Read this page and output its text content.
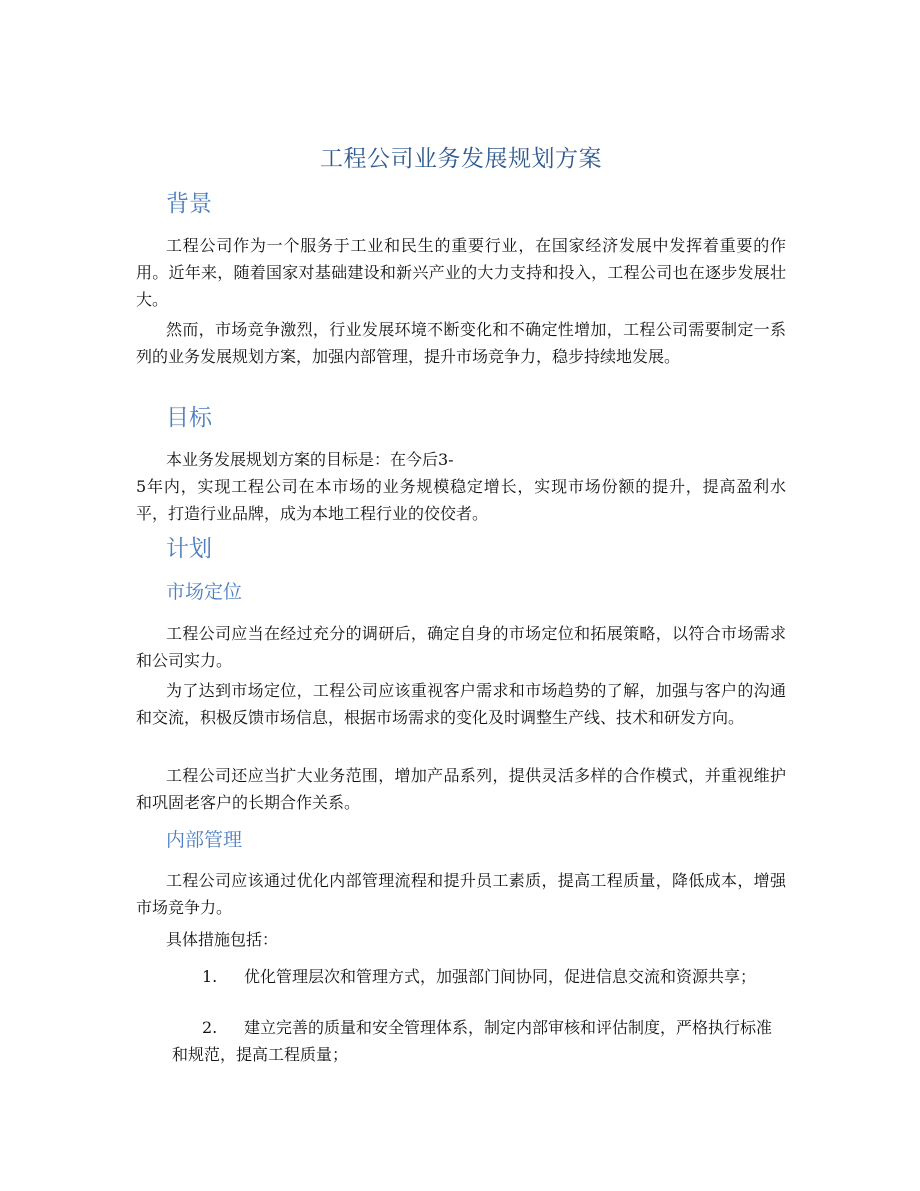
工程公司业务发展规划方案
背景

工程公司作为一个服务于工业和民生的重要行业，在国家经济发展中发挥着重要的作用。近年来，随着国家对基础建设和新兴产业的大力支持和投入，工程公司也在逐步发展壮大。

然而，市场竞争激烈，行业发展环境不断变化和不确定性增加，工程公司需要制定一系列的业务发展规划方案，加强内部管理，提升市场竞争力，稳步持续地发展。

目标
本业务发展规划方案的目标是：在今后3-
5年内，实现工程公司在本市场的业务规模稳定增长，实现市场份额的提升，提高盈利水平，打造行业品牌，成为本地工程行业的佼佼者。
计划
市场定位

工程公司应当在经过充分的调研后，确定自身的市场定位和拓展策略，以符合市场需求和公司实力。

为了达到市场定位，工程公司应该重视客户需求和市场趋势的了解，加强与客户的沟通和交流，积极反馈市场信息，根据市场需求的变化及时调整生产线、技术和研发方向。

工程公司还应当扩大业务范围，增加产品系列，提供灵活多样的合作模式，并重视维护和巩固老客户的长期合作关系。

内部管理

工程公司应该通过优化内部管理流程和提升员工素质，提高工程质量，降低成本，增强市场竞争力。

具体措施包括：

1. 优化管理层次和管理方式，加强部门间协同，促进信息交流和资源共享；
2. 建立完善的质量和安全管理体系，制定内部审核和评估制度，严格执行标准和规范，提高工程质量；
